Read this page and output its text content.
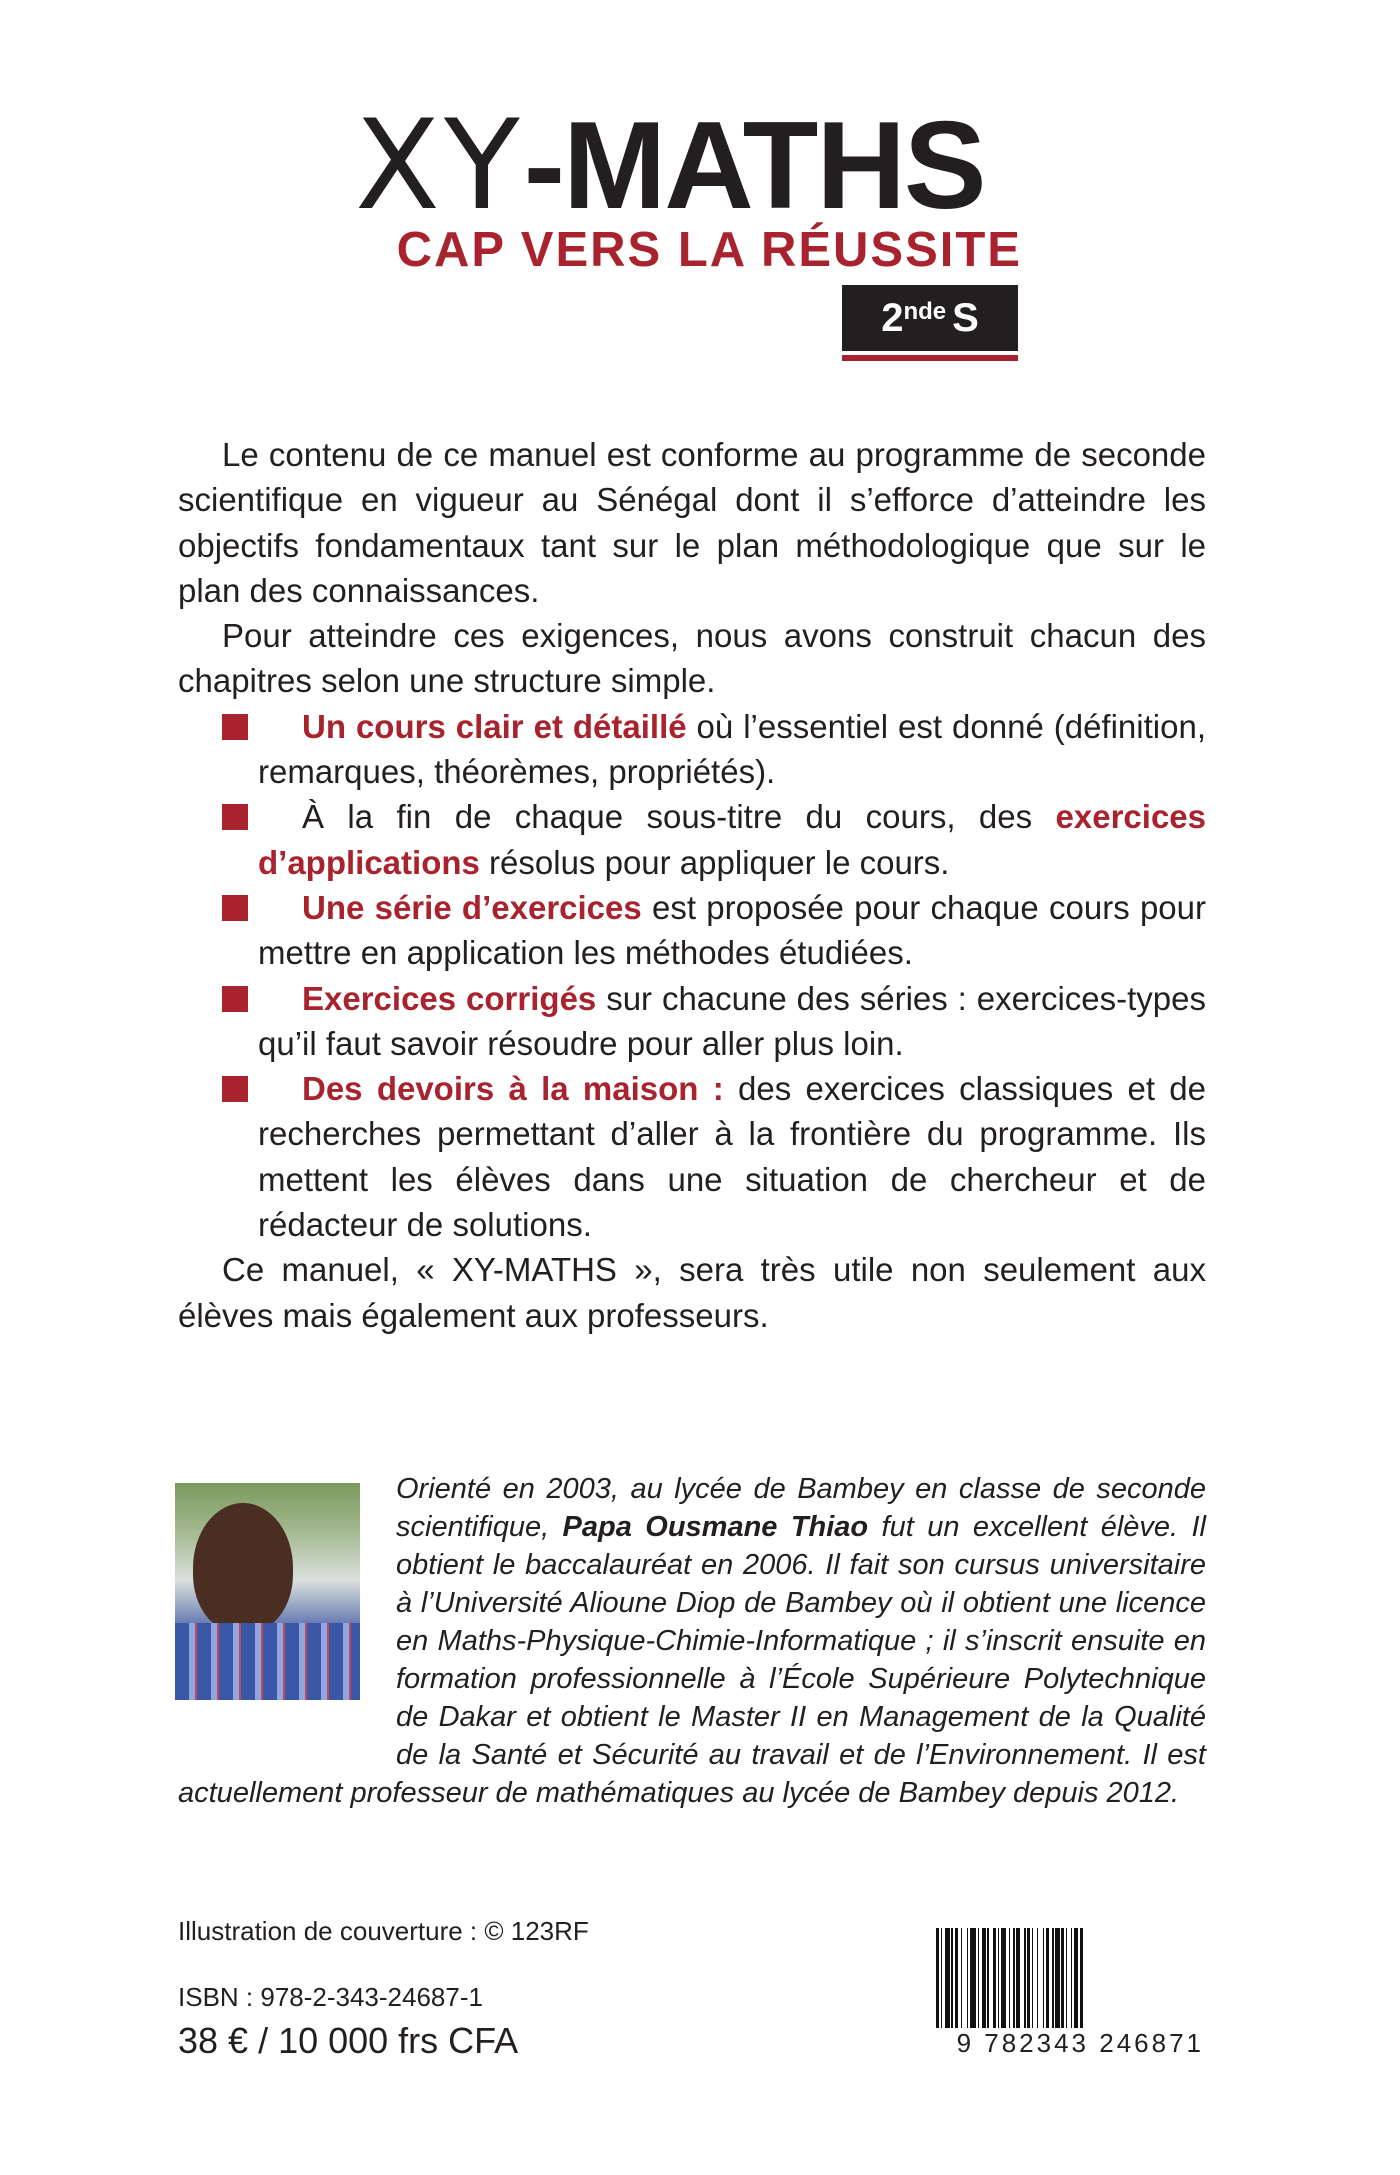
XY-MATHS
CAP VERS LA RÉUSSITE
2nde S

Le contenu de ce manuel est conforme au programme de seconde scientifique en vigueur au Sénégal dont il s’efforce d’atteindre les objectifs fondamentaux tant sur le plan méthodologique que sur le plan des connaissances.

Pour atteindre ces exigences, nous avons construit chacun des chapitres selon une structure simple.

› Un cours clair et détaillé où l’essentiel est donné (définition, remarques, théorèmes, propriétés).

› À la fin de chaque sous-titre du cours, des exercices d’applications résolus pour appliquer le cours.

› Une série d’exercices est proposée pour chaque cours pour mettre en application les méthodes étudiées.

› Exercices corrigés sur chacune des séries : exercices-types qu’il faut savoir résoudre pour aller plus loin.

› Des devoirs à la maison : des exercices classiques et de recherches permettant d’aller à la frontière du programme. Ils mettent les élèves dans une situation de chercheur et de rédacteur de solutions.

Ce manuel, « XY-MATHS », sera très utile non seulement aux élèves mais également aux professeurs.

Orienté en 2003, au lycée de Bambey en classe de seconde scientifique, Papa Ousmane Thiao fut un excellent élève. Il obtient le baccalauréat en 2006. Il fait son cursus universitaire à l’Université Alioune Diop de Bambey où il obtient une licence en Maths-Physique-Chimie-Informatique ; il s’inscrit ensuite en formation professionnelle à l’École Supérieure Polytechnique de Dakar et obtient le Master II en Management de la Qualité de la Santé et Sécurité au travail et de l’Environnement. Il est actuellement professeur de mathématiques au lycée de Bambey depuis 2012.
Illustration de couverture : © 123RF
ISBN : 978-2-343-24687-1
38 € / 10 000 frs CFA	9 782343 246871
